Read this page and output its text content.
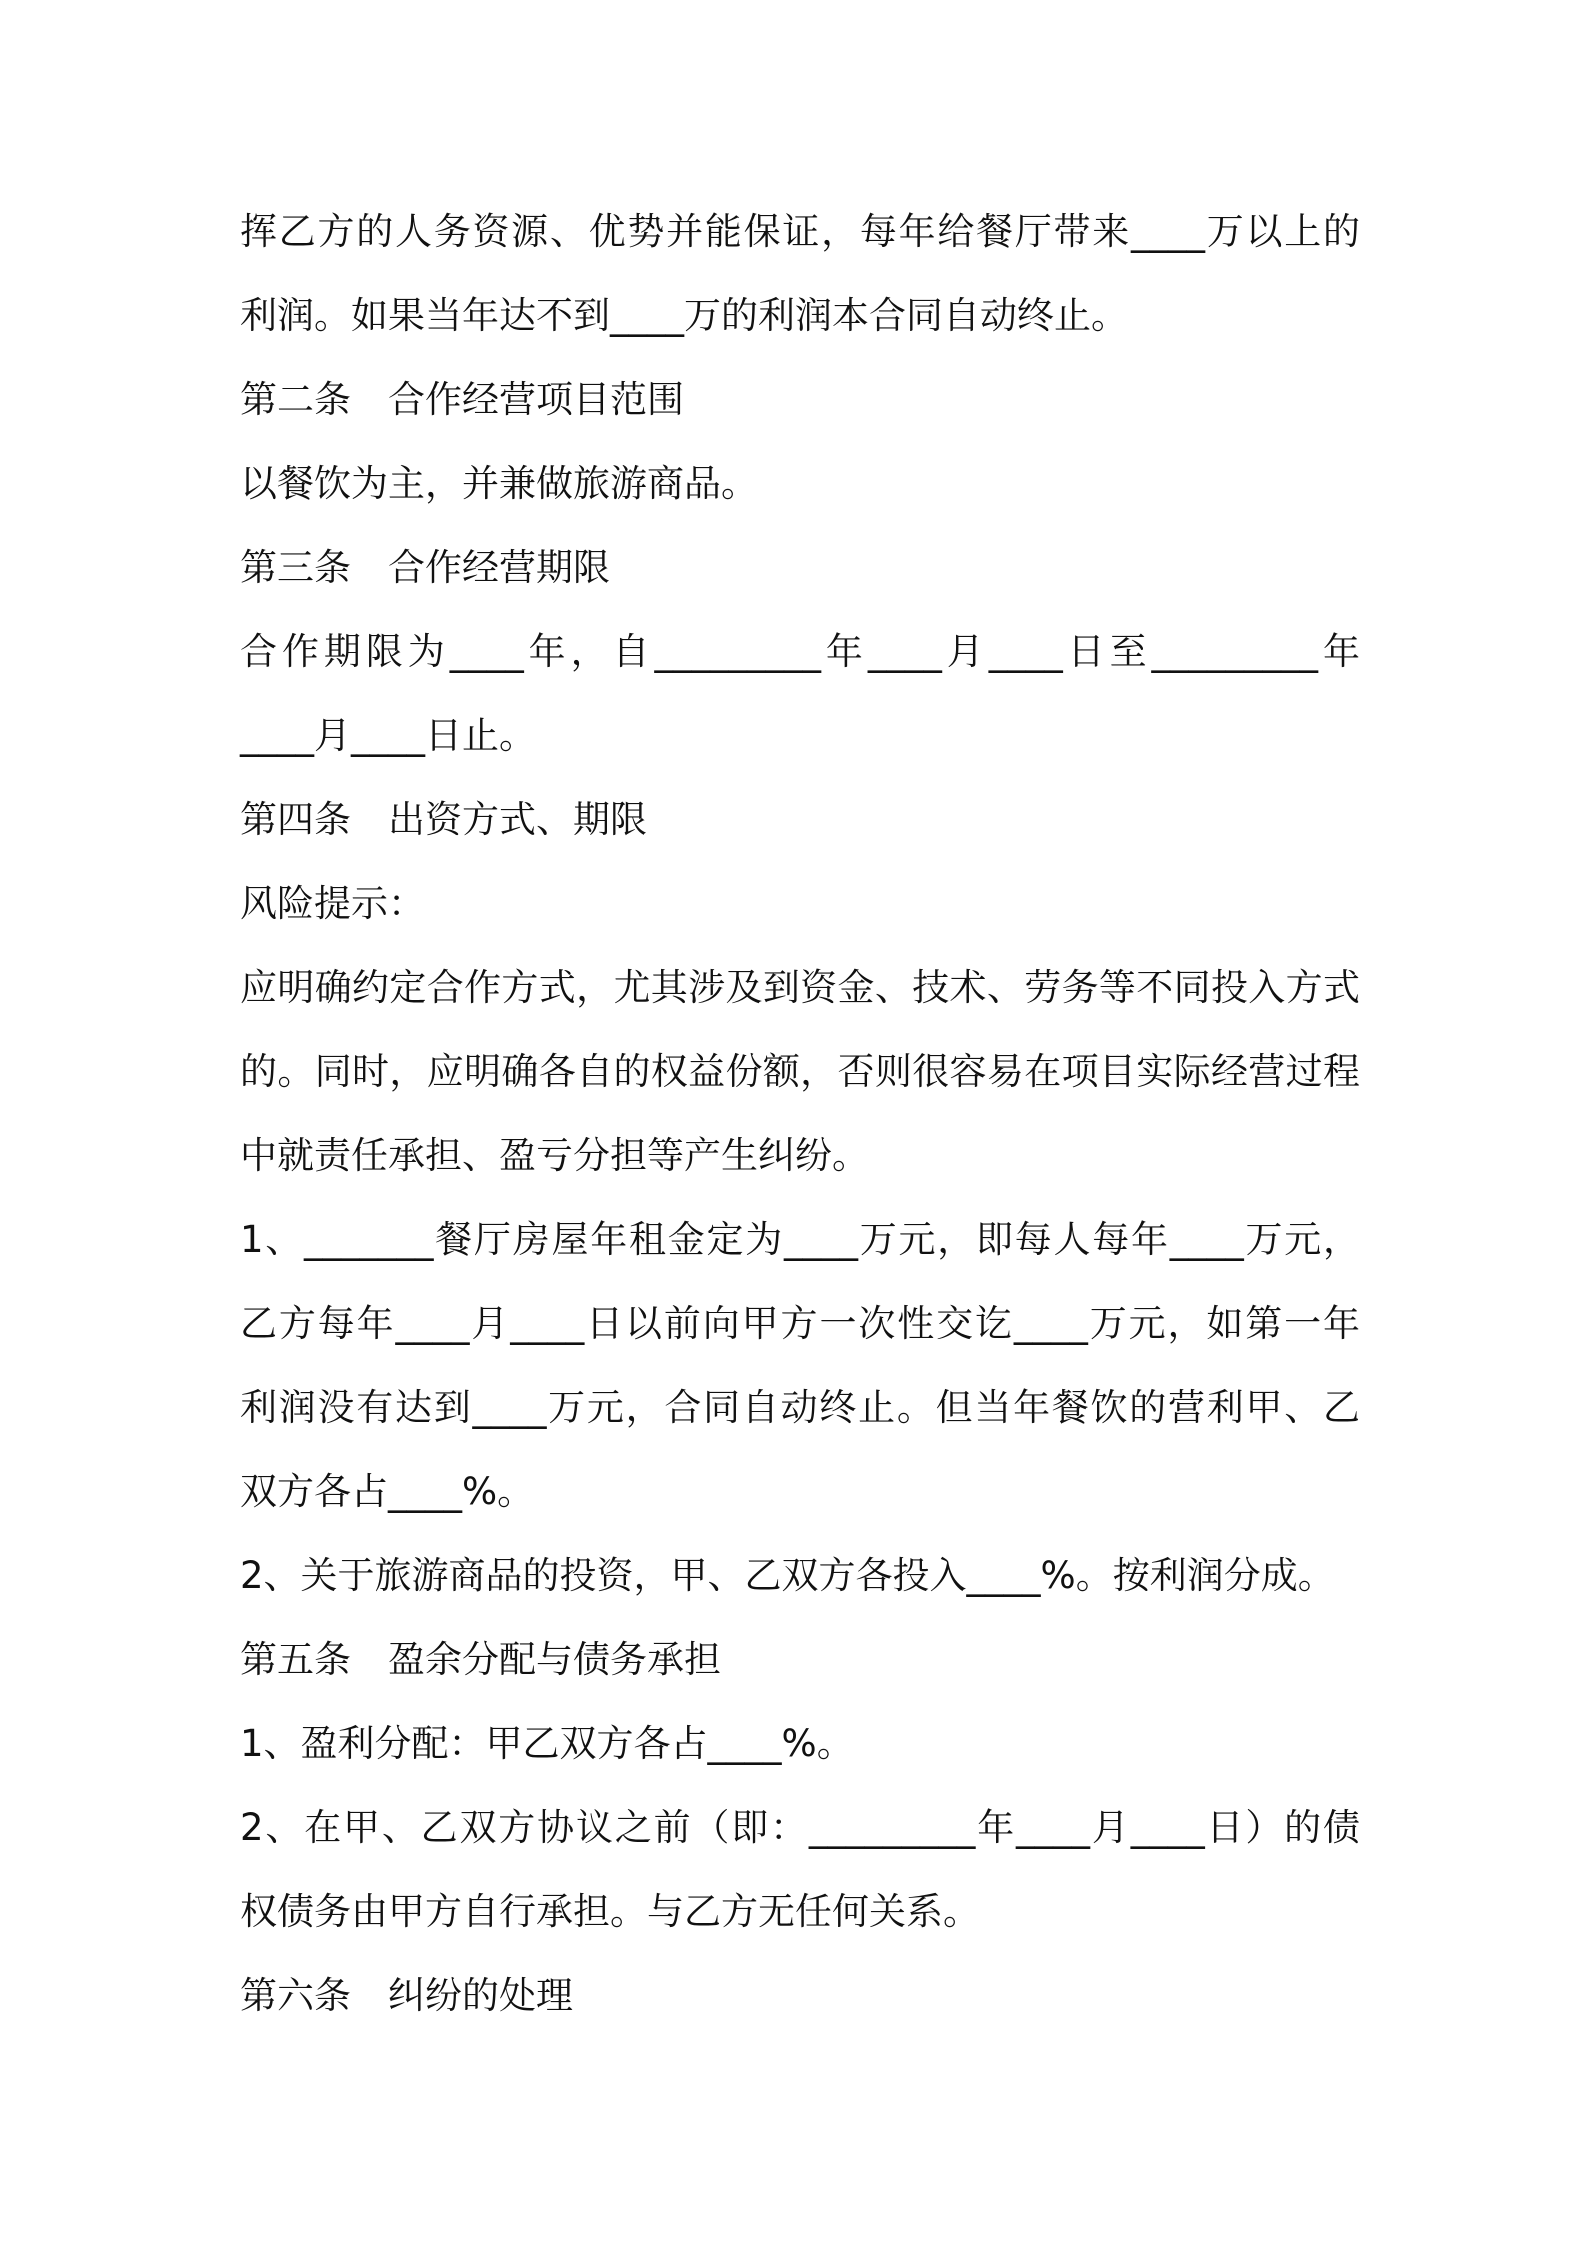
挥乙方的人务资源、优势并能保证，每年给餐厅带来____万以上的

利润。如果当年达不到____万的利润本合同自动终止。

第二条　合作经营项目范围

以餐饮为主，并兼做旅游商品。

第三条　合作经营期限

合作期限为____年，自_________年____月____日至_________年

____月____日止。

第四条　出资方式、期限

风险提示：

应明确约定合作方式，尤其涉及到资金、技术、劳务等不同投入方式

的。同时，应明确各自的权益份额，否则很容易在项目实际经营过程

中就责任承担、盈亏分担等产生纠纷。

1、_______餐厅房屋年租金定为____万元，即每人每年____万元，

乙方每年____月____日以前向甲方一次性交讫____万元，如第一年

利润没有达到____万元，合同自动终止。但当年餐饮的营利甲、乙

双方各占____%。

2、关于旅游商品的投资，甲、乙双方各投入____%。按利润分成。

第五条　盈余分配与债务承担

1、盈利分配：甲乙双方各占____%。

2、在甲、乙双方协议之前（即：_________年____月____日）的债

权债务由甲方自行承担。与乙方无任何关系。

第六条　纠纷的处理
